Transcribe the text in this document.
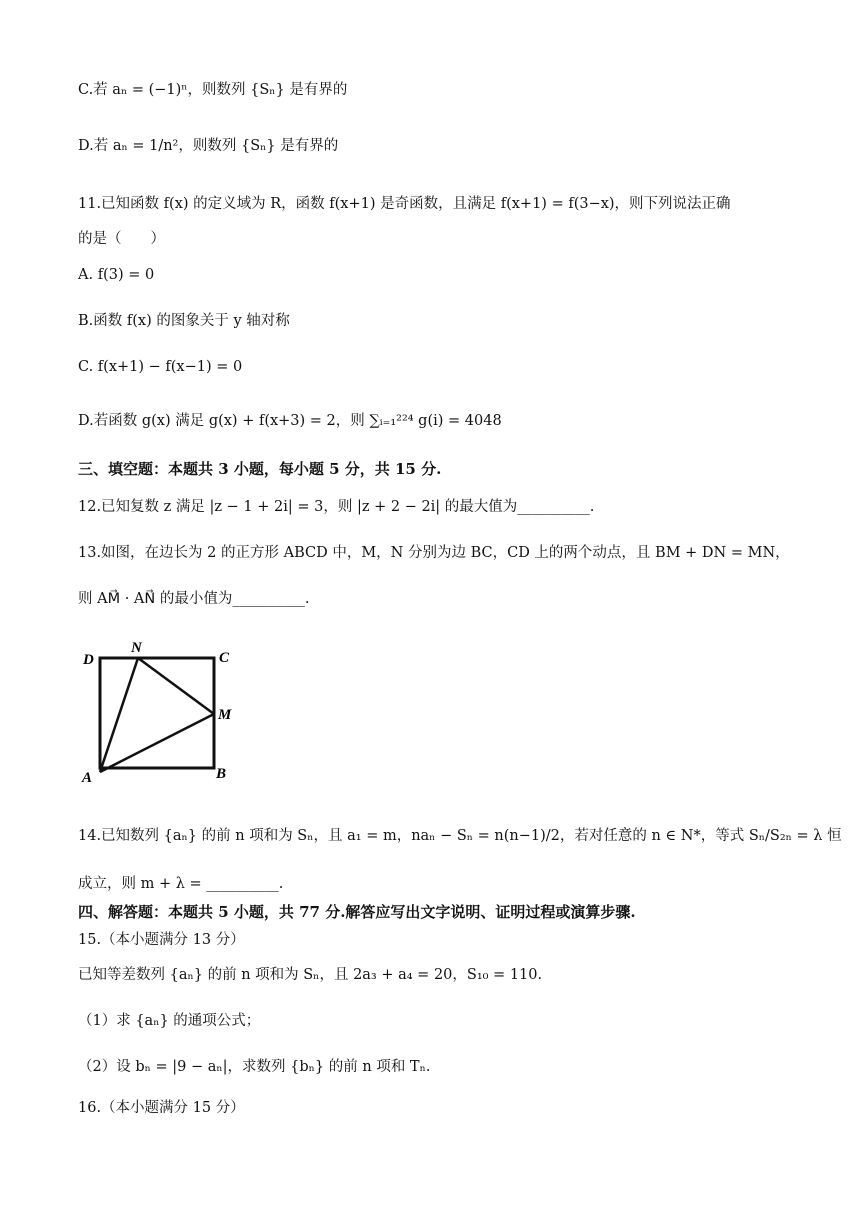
C.若 aₙ = (−1)ⁿ，则数列 {Sₙ} 是有界的
D.若 aₙ = 1/n²，则数列 {Sₙ} 是有界的
11.已知函数 f(x) 的定义域为 R，函数 f(x+1) 是奇函数，且满足 f(x+1) = f(3−x)，则下列说法正确
的是（　　）
A. f(3) = 0
B.函数 f(x) 的图象关于 y 轴对称
C. f(x+1) − f(x−1) = 0
D.若函数 g(x) 满足 g(x) + f(x+3) = 2，则 ∑ᵢ₌₁²²⁴ g(i) = 4048
三、填空题：本题共 3 小题，每小题 5 分，共 15 分.
12.已知复数 z 满足 |z − 1 + 2i| = 3，则 |z + 2 − 2i| 的最大值为__________.
13.如图，在边长为 2 的正方形 ABCD 中，M，N 分别为边 BC，CD 上的两个动点，且 BM + DN = MN，
则 AM⃗ · AN⃗ 的最小值为__________.
D
N
C
M
A	B
14.已知数列 {aₙ} 的前 n 项和为 Sₙ，且 a₁ = m，naₙ − Sₙ = n(n−1)/2，若对任意的 n ∈ N*，等式 Sₙ/S₂ₙ = λ 恒
成立，则 m + λ = __________.
四、解答题：本题共 5 小题，共 77 分.解答应写出文字说明、证明过程或演算步骤.
15.（本小题满分 13 分）
已知等差数列 {aₙ} 的前 n 项和为 Sₙ，且 2a₃ + a₄ = 20，S₁₀ = 110.
（1）求 {aₙ} 的通项公式；
（2）设 bₙ = |9 − aₙ|，求数列 {bₙ} 的前 n 项和 Tₙ.
16.（本小题满分 15 分）
